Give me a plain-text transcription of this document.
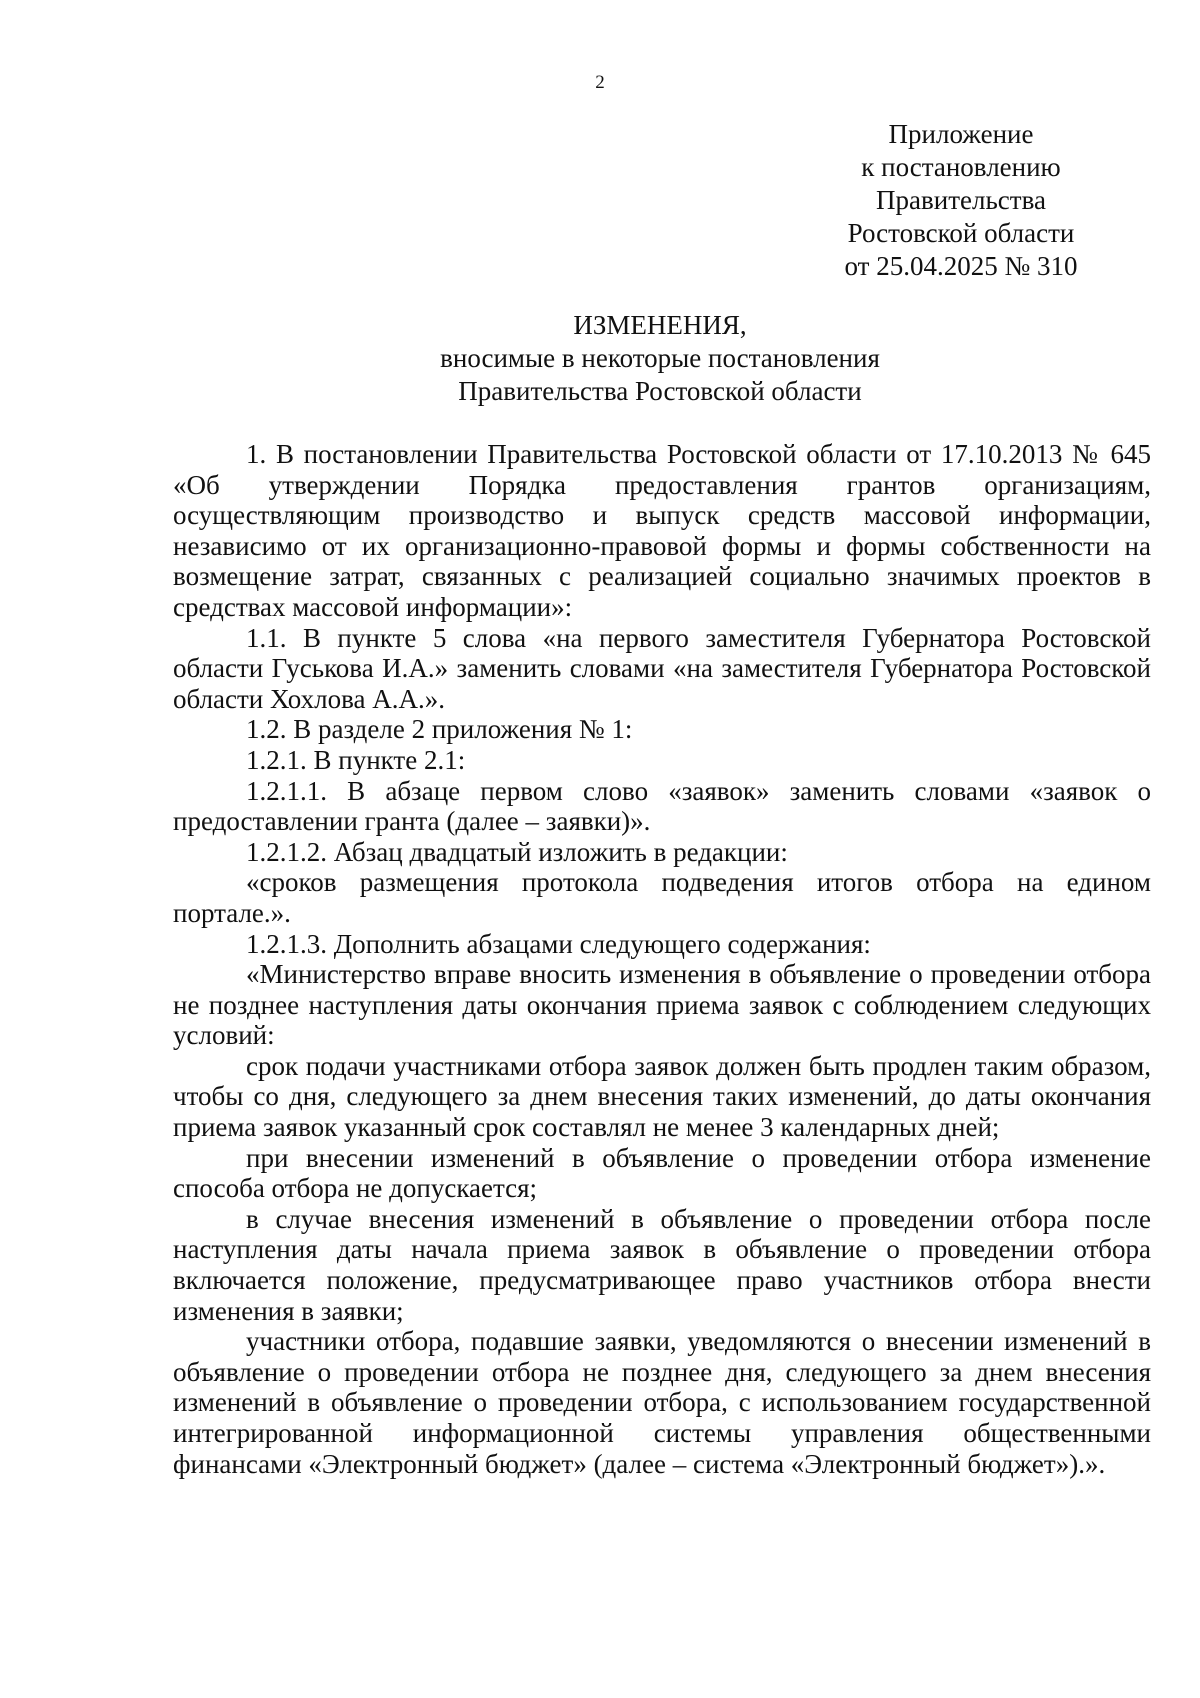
2
Приложение
к постановлению
Правительства
Ростовской области
от 25.04.2025 № 310
ИЗМЕНЕНИЯ,
вносимые в некоторые постановления
Правительства Ростовской области

1. В постановлении Правительства Ростовской области от 17.10.2013 № 645 «Об утверждении Порядка предоставления грантов организациям, осуществляющим производство и выпуск средств массовой информации, независимо от их организационно-правовой формы и формы собственности на возмещение затрат, связанных с реализацией социально значимых проектов в средствах массовой информации»:

1.1. В пункте 5 слова «на первого заместителя Губернатора Ростовской области Гуськова И.А.» заменить словами «на заместителя Губернатора Ростовской области Хохлова А.А.».

1.2. В разделе 2 приложения № 1:

1.2.1. В пункте 2.1:

1.2.1.1. В абзаце первом слово «заявок» заменить словами «заявок о предоставлении гранта (далее – заявки)».

1.2.1.2. Абзац двадцатый изложить в редакции:

«сроков размещения протокола подведения итогов отбора на едином портале.».

1.2.1.3. Дополнить абзацами следующего содержания:

«Министерство вправе вносить изменения в объявление о проведении отбора не позднее наступления даты окончания приема заявок с соблюдением следующих условий:

срок подачи участниками отбора заявок должен быть продлен таким образом, чтобы со дня, следующего за днем внесения таких изменений, до даты окончания приема заявок указанный срок составлял не менее 3 календарных дней;

при внесении изменений в объявление о проведении отбора изменение способа отбора не допускается;

в случае внесения изменений в объявление о проведении отбора после наступления даты начала приема заявок в объявление о проведении отбора включается положение, предусматривающее право участников отбора внести изменения в заявки;

участники отбора, подавшие заявки, уведомляются о внесении изменений в объявление о проведении отбора не позднее дня, следующего за днем внесения изменений в объявление о проведении отбора, с использованием государственной интегрированной информационной системы управления общественными финансами «Электронный бюджет» (далее – система «Электронный бюджет»).».
